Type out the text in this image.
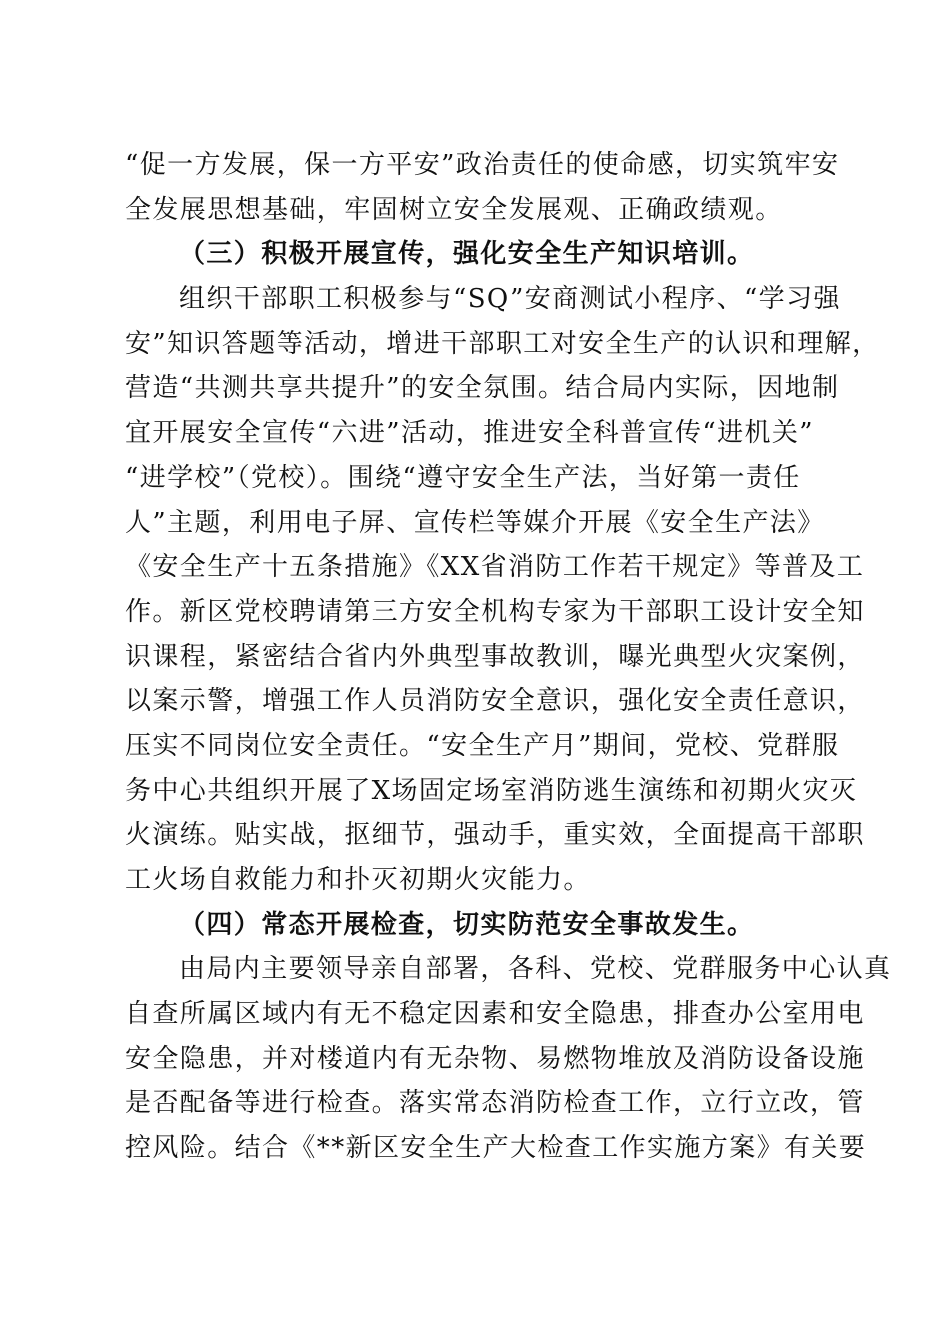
“促一方发展，保一方平安”政治责任的使命感，切实筑牢安
全发展思想基础，牢固树立安全发展观、正确政绩观。
（三）积极开展宣传，强化安全生产知识培训。
组织干部职工积极参与“SQ”安商测试小程序、“学习强
安”知识答题等活动，增进干部职工对安全生产的认识和理解，
营造“共测共享共提升”的安全氛围。结合局内实际，因地制
宜开展安全宣传“六进”活动，推进安全科普宣传“进机关”
“进学校”（党校）。围绕“遵守安全生产法，当好第一责任
人”主题，利用电子屏、宣传栏等媒介开展《安全生产法》
《安全生产十五条措施》《XX省消防工作若干规定》等普及工
作。新区党校聘请第三方安全机构专家为干部职工设计安全知
识课程，紧密结合省内外典型事故教训，曝光典型火灾案例，
以案示警，增强工作人员消防安全意识，强化安全责任意识，
压实不同岗位安全责任。“安全生产月”期间，党校、党群服
务中心共组织开展了X场固定场室消防逃生演练和初期火灾灭
火演练。贴实战，抠细节，强动手，重实效，全面提高干部职
工火场自救能力和扑灭初期火灾能力。
（四）常态开展检查，切实防范安全事故发生。
由局内主要领导亲自部署，各科、党校、党群服务中心认真
自查所属区域内有无不稳定因素和安全隐患，排查办公室用电
安全隐患，并对楼道内有无杂物、易燃物堆放及消防设备设施
是否配备等进行检查。落实常态消防检查工作，立行立改，管
控风险。结合《**新区安全生产大检查工作实施方案》有关要
